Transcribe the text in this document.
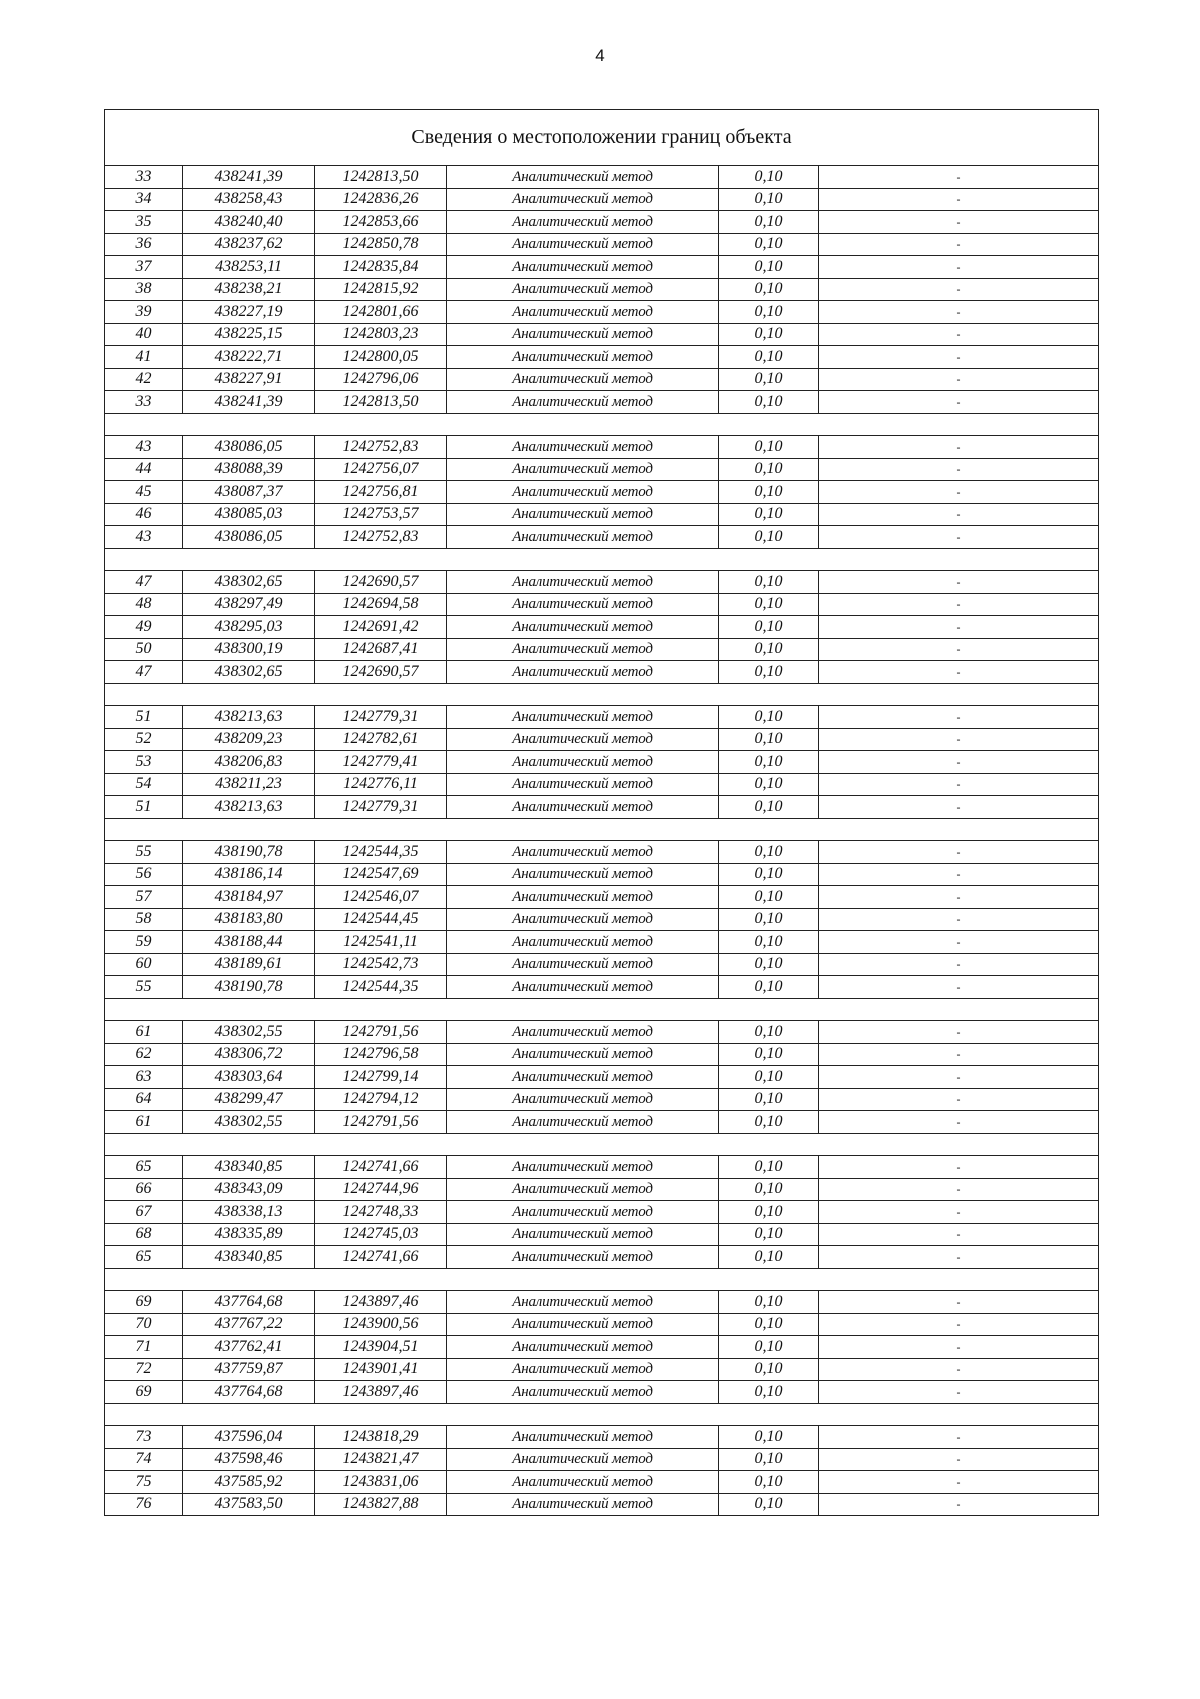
4
Сведения о местоположении границ объекта					
33	438241,39	1242813,50	Аналитический метод	0,10	-
34	438258,43	1242836,26	Аналитический метод	0,10	-
35	438240,40	1242853,66	Аналитический метод	0,10	-
36	438237,62	1242850,78	Аналитический метод	0,10	-
37	438253,11	1242835,84	Аналитический метод	0,10	-
38	438238,21	1242815,92	Аналитический метод	0,10	-
39	438227,19	1242801,66	Аналитический метод	0,10	-
40	438225,15	1242803,23	Аналитический метод	0,10	-
41	438222,71	1242800,05	Аналитический метод	0,10	-
42	438227,91	1242796,06	Аналитический метод	0,10	-
33	438241,39	1242813,50	Аналитический метод	0,10	-

43	438086,05	1242752,83	Аналитический метод	0,10	-
44	438088,39	1242756,07	Аналитический метод	0,10	-
45	438087,37	1242756,81	Аналитический метод	0,10	-
46	438085,03	1242753,57	Аналитический метод	0,10	-
43	438086,05	1242752,83	Аналитический метод	0,10	-

47	438302,65	1242690,57	Аналитический метод	0,10	-
48	438297,49	1242694,58	Аналитический метод	0,10	-
49	438295,03	1242691,42	Аналитический метод	0,10	-
50	438300,19	1242687,41	Аналитический метод	0,10	-
47	438302,65	1242690,57	Аналитический метод	0,10	-

51	438213,63	1242779,31	Аналитический метод	0,10	-
52	438209,23	1242782,61	Аналитический метод	0,10	-
53	438206,83	1242779,41	Аналитический метод	0,10	-
54	438211,23	1242776,11	Аналитический метод	0,10	-
51	438213,63	1242779,31	Аналитический метод	0,10	-

55	438190,78	1242544,35	Аналитический метод	0,10	-
56	438186,14	1242547,69	Аналитический метод	0,10	-
57	438184,97	1242546,07	Аналитический метод	0,10	-
58	438183,80	1242544,45	Аналитический метод	0,10	-
59	438188,44	1242541,11	Аналитический метод	0,10	-
60	438189,61	1242542,73	Аналитический метод	0,10	-
55	438190,78	1242544,35	Аналитический метод	0,10	-

61	438302,55	1242791,56	Аналитический метод	0,10	-
62	438306,72	1242796,58	Аналитический метод	0,10	-
63	438303,64	1242799,14	Аналитический метод	0,10	-
64	438299,47	1242794,12	Аналитический метод	0,10	-
61	438302,55	1242791,56	Аналитический метод	0,10	-

65	438340,85	1242741,66	Аналитический метод	0,10	-
66	438343,09	1242744,96	Аналитический метод	0,10	-
67	438338,13	1242748,33	Аналитический метод	0,10	-
68	438335,89	1242745,03	Аналитический метод	0,10	-
65	438340,85	1242741,66	Аналитический метод	0,10	-

69	437764,68	1243897,46	Аналитический метод	0,10	-
70	437767,22	1243900,56	Аналитический метод	0,10	-
71	437762,41	1243904,51	Аналитический метод	0,10	-
72	437759,87	1243901,41	Аналитический метод	0,10	-
69	437764,68	1243897,46	Аналитический метод	0,10	-

73	437596,04	1243818,29	Аналитический метод	0,10	-
74	437598,46	1243821,47	Аналитический метод	0,10	-
75	437585,92	1243831,06	Аналитический метод	0,10	-
76	437583,50	1243827,88	Аналитический метод	0,10	-
